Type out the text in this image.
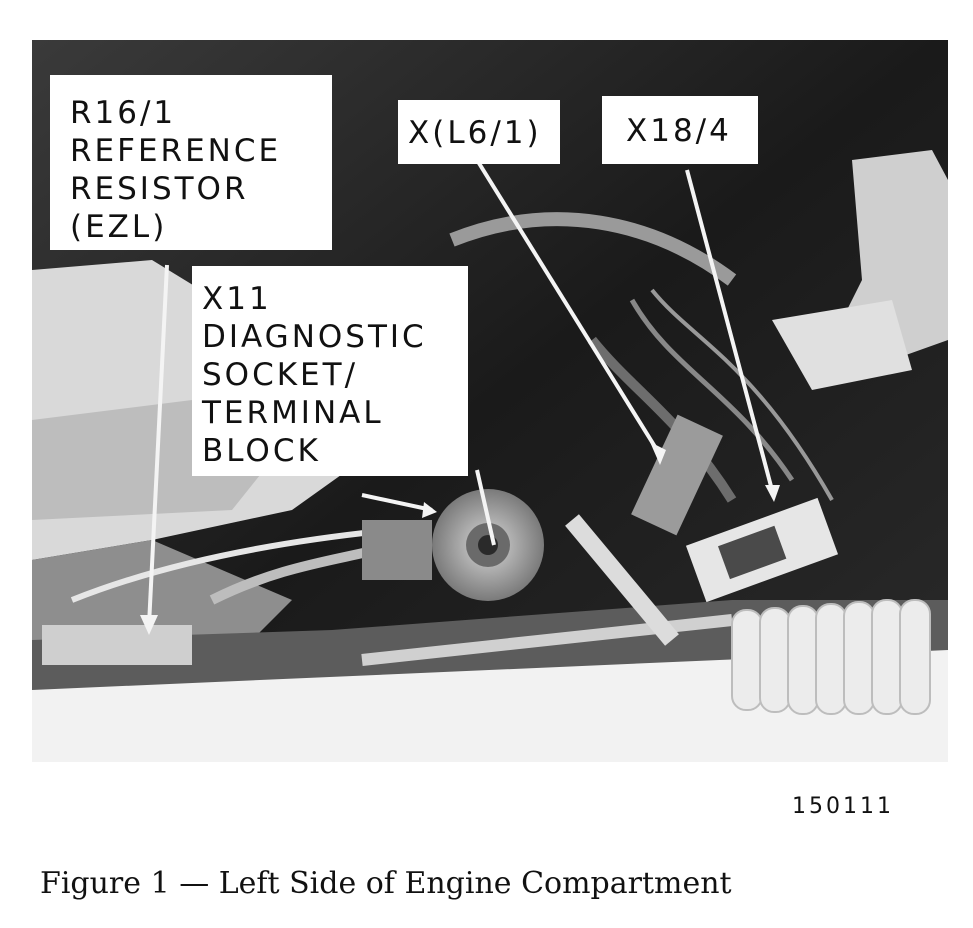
R16/1
REFERENCE
RESISTOR
(EZL)
X(L6/1)	X18/4
X11
DIAGNOSTIC
SOCKET/
TERMINAL
BLOCK
150111
Figure 1 — Left Side of Engine Compartment
